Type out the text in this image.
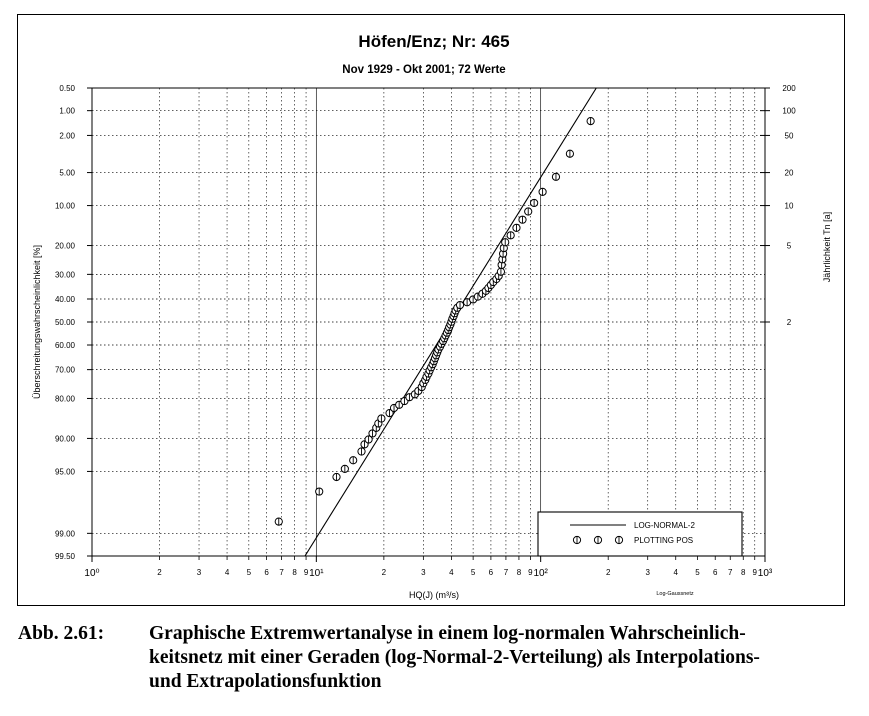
Höfen/Enz; Nr: 465
Nov 1929 - Okt 2001; 72 Werte
0.50
1.00
2.00
5.00
10.00
20.00
30.00
40.00
50.00
60.00
70.00
80.00
90.00
95.00
99.00
99.50
200
100
50
20
10
5
2
10⁰	10¹	10²	10³
2	3	4 5 6 7 8 9	2	3	4 5 6 7 8 9	2	3	4 5 6 7 8 9
HQ(J) (m³/s)
Überschreitungswahrscheinlichkeit [%]	Jährlichkeit Tn [a]
Log-Gaussnetz
LOG-NORMAL-2
PLOTTING POS
Abb. 2.61: Graphische Extremwertanalyse in einem log-normalen Wahrscheinlich-
keitsnetz mit einer Geraden (log-Normal-2-Verteilung) als Interpolations-
und Extrapolationsfunktion
